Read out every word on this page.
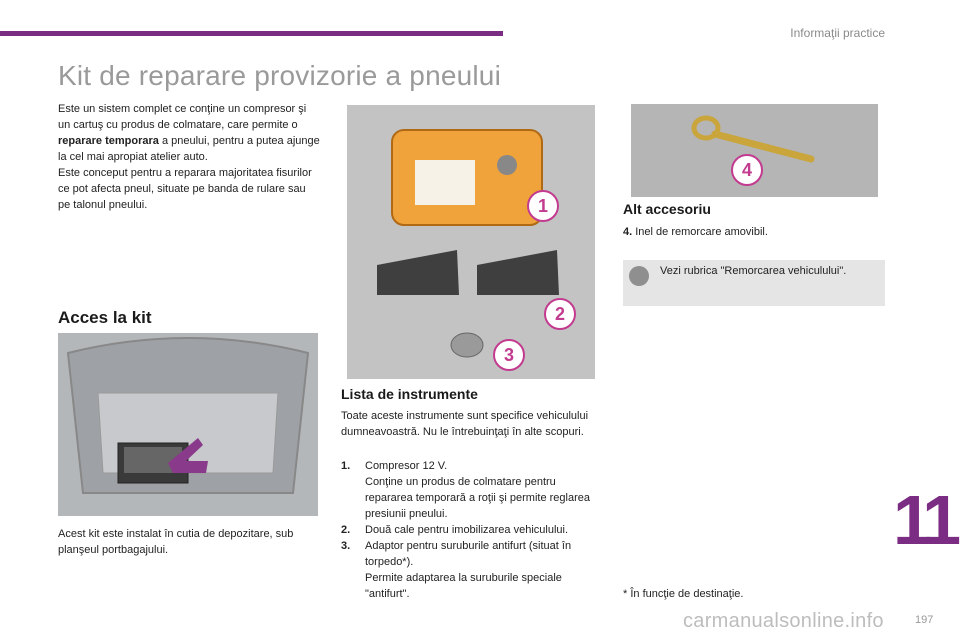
Informaţii practice
Kit de reparare provizorie a pneului
Este un sistem complet ce conţine un compresor şi un cartuş cu produs de colmatare, care permite o reparare temporara a pneului, pentru a putea ajunge la cel mai apropiat atelier auto.
Este conceput pentru a reparara majoritatea fisurilor ce pot afecta pneul, situate pe banda de rulare sau pe talonul pneului.
Acces la kit
Acest kit este instalat în cutia de depozitare, sub planşeul portbagajului.
1
2
3
Lista de instrumente
Toate aceste instrumente sunt specifice vehiculului dumneavoastră. Nu le întrebuinţaţi în alte scopuri.
1.	Compresor 12 V.
Conţine un produs de colmatare pentru repararea temporară a roţii şi permite reglarea presiunii pneului.
2.	Două cale pentru imobilizarea vehiculului.
3.	Adaptor pentru suruburile antifurt (situat în torpedo*).
Permite adaptarea la suruburile speciale "antifurt".
4
Alt accesoriu
4. Inel de remorcare amovibil.
Vezi rubrica "Remorcarea vehiculului".
11
* În funcţie de destinaţie.
197
carmanualsonline.info
